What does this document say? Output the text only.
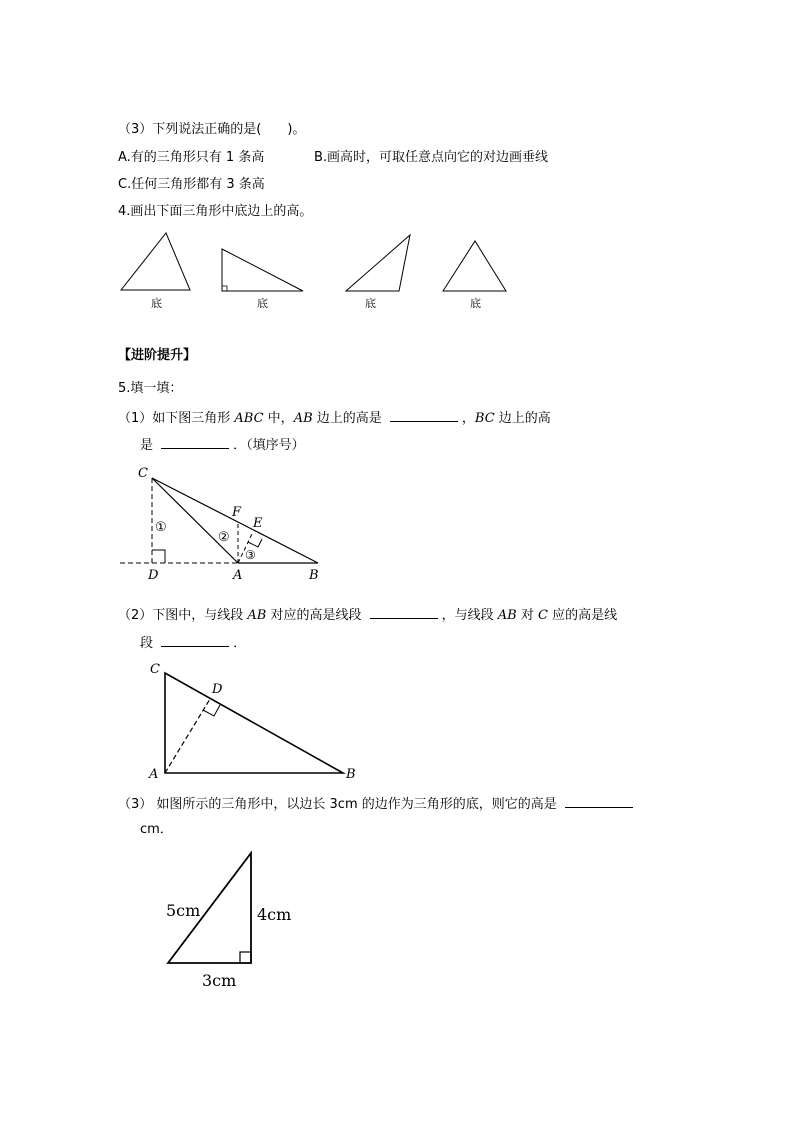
（3）下列说法正确的是(　　)。
A.有的三角形只有 1 条高	B.画高时，可取任意点向它的对边画垂线
C.任何三角形都有 3 条高
4.画出下面三角形中底边上的高。
底	底	底	底
【进阶提升】
5.填一填：
（1）如下图三角形 ABC 中，AB 边上的高是	，BC 边上的高
是	．（填序号）
C
D	A	B
F
E
①
②
③
（2）下图中，与线段 AB 对应的高是线段	，与线段 AB 对 C 应的高是线
段	．
C
D
A	B
（3） 如图所示的三角形中，以边长 3cm 的边作为三角形的底，则它的高是
cm．
5cm	4cm
3cm
